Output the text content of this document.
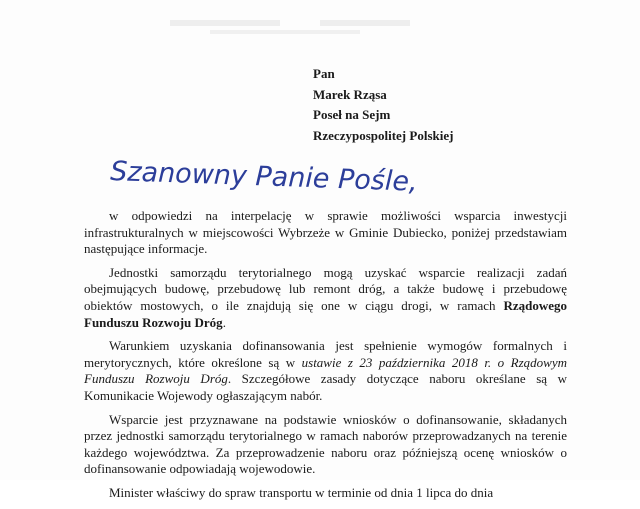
Pan
Marek Rząsa
Poseł na Sejm
Rzeczypospolitej Polskiej
Szanowny Panie Pośle,

w odpowiedzi na interpelację w sprawie możliwości wsparcia inwestycji infrastrukturalnych w miejscowości Wybrzeże w Gminie Dubiecko, poniżej przedstawiam następujące informacje.

Jednostki samorządu terytorialnego mogą uzyskać wsparcie realizacji zadań obejmujących budowę, przebudowę lub remont dróg, a także budowę i przebudowę obiektów mostowych, o ile znajdują się one w ciągu drogi, w ramach Rządowego Funduszu Rozwoju Dróg.

Warunkiem uzyskania dofinansowania jest spełnienie wymogów formalnych i merytorycznych, które określone są w ustawie z 23 października 2018 r. o Rządowym Funduszu Rozwoju Dróg. Szczegółowe zasady dotyczące naboru określane są w Komunikacie Wojewody ogłaszającym nabór.

Wsparcie jest przyznawane na podstawie wniosków o dofinansowanie, składanych przez jednostki samorządu terytorialnego w ramach naborów przeprowadzanych na terenie każdego województwa. Za przeprowadzenie naboru oraz późniejszą ocenę wniosków o dofinansowanie odpowiadają wojewodowie.

Minister właściwy do spraw transportu w terminie od dnia 1 lipca do dnia
